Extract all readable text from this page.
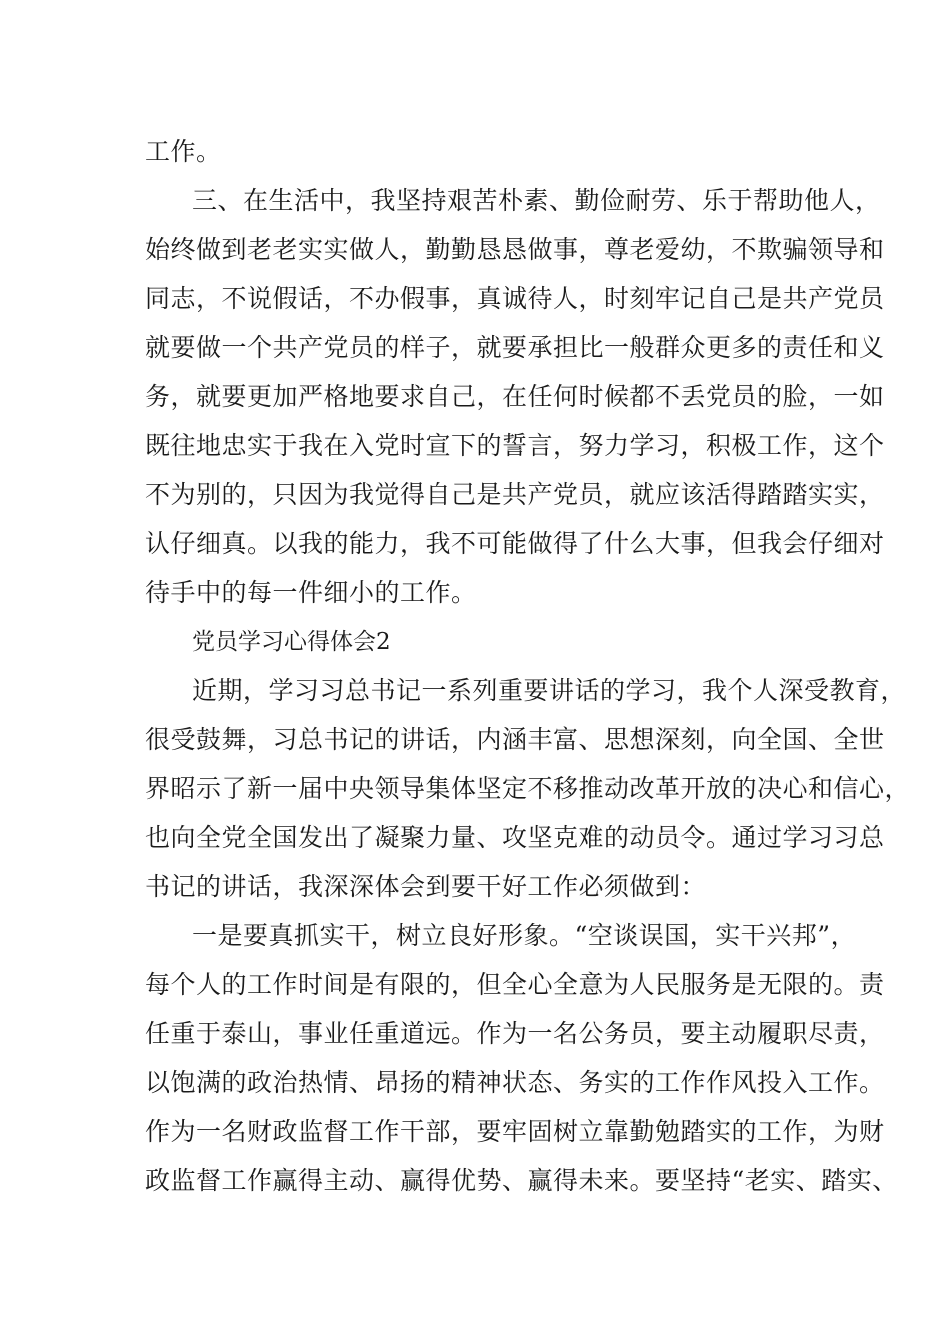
工作。
三、在生活中，我坚持艰苦朴素、勤俭耐劳、乐于帮助他人，
始终做到老老实实做人，勤勤恳恳做事，尊老爱幼，不欺骗领导和
同志，不说假话，不办假事，真诚待人，时刻牢记自己是共产党员
就要做一个共产党员的样子，就要承担比一般群众更多的责任和义
务，就要更加严格地要求自己，在任何时候都不丢党员的脸，一如
既往地忠实于我在入党时宣下的誓言，努力学习，积极工作，这个
不为别的，只因为我觉得自己是共产党员，就应该活得踏踏实实，
认仔细真。以我的能力，我不可能做得了什么大事，但我会仔细对
待手中的每一件细小的工作。
党员学习心得体会2
近期，学习习总书记一系列重要讲话的学习，我个人深受教育，
很受鼓舞，习总书记的讲话，内涵丰富、思想深刻，向全国、全世
界昭示了新一届中央领导集体坚定不移推动改革开放的决心和信心，
也向全党全国发出了凝聚力量、攻坚克难的动员令。通过学习习总
书记的讲话，我深深体会到要干好工作必须做到：
一是要真抓实干，树立良好形象。“空谈误国，实干兴邦”，
每个人的工作时间是有限的，但全心全意为人民服务是无限的。责
任重于泰山，事业任重道远。作为一名公务员，要主动履职尽责，
以饱满的政治热情、昂扬的精神状态、务实的工作作风投入工作。
作为一名财政监督工作干部，要牢固树立靠勤勉踏实的工作，为财
政监督工作赢得主动、赢得优势、赢得未来。要坚持“老实、踏实、
